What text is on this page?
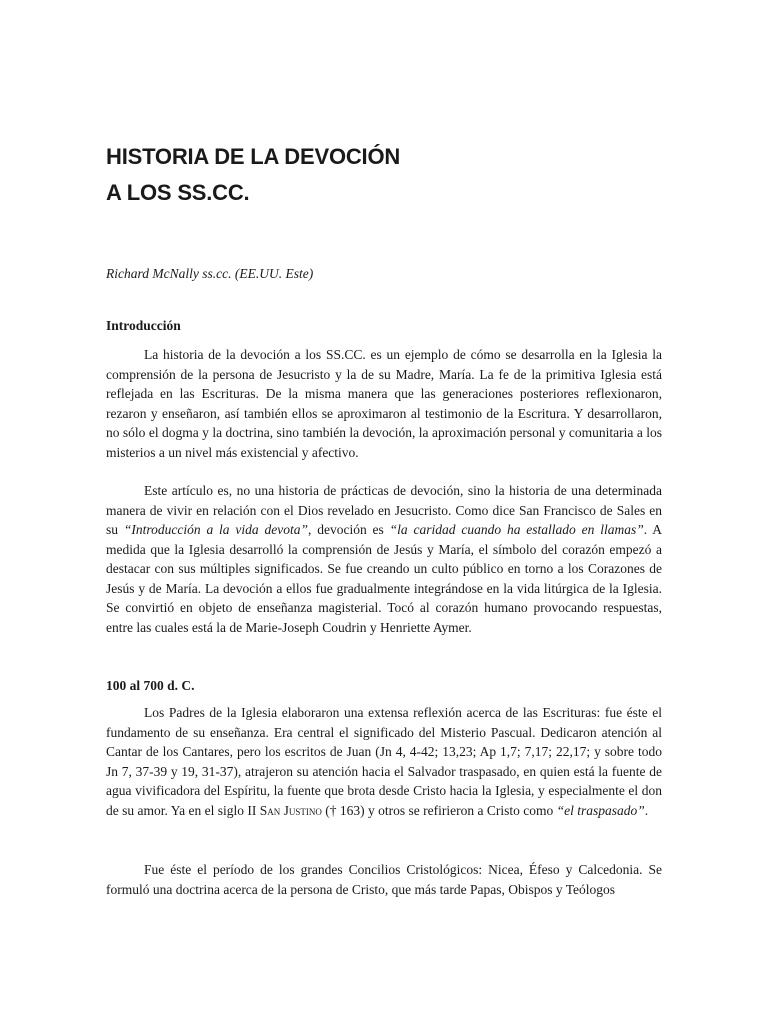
HISTORIA DE LA DEVOCIÓN
A LOS SS.CC.
Richard McNally ss.cc. (EE.UU. Este)
Introducción

La historia de la devoción a los SS.CC. es un ejemplo de cómo se desarrolla en la Iglesia la comprensión de la persona de Jesucristo y la de su Madre, María. La fe de la primitiva Iglesia está reflejada en las Escrituras. De la misma manera que las generaciones posteriores reflexionaron, rezaron y enseñaron, así también ellos se aproximaron al testimonio de la Escritura. Y desarrollaron, no sólo el dogma y la doctrina, sino también la devoción, la aproximación personal y comunitaria a los misterios a un nivel más existencial y afectivo.

Este artículo es, no una historia de prácticas de devoción, sino la historia de una determinada manera de vivir en relación con el Dios revelado en Jesucristo. Como dice San Francisco de Sales en su “Introducción a la vida devota”, devoción es “la caridad cuando ha estallado en llamas”. A medida que la Iglesia desarrolló la comprensión de Jesús y María, el símbolo del corazón empezó a destacar con sus múltiples significados. Se fue creando un culto público en torno a los Corazones de Jesús y de María. La devoción a ellos fue gradualmente integrándose en la vida litúrgica de la Iglesia. Se convirtió en objeto de enseñanza magisterial. Tocó al corazón humano provocando respuestas, entre las cuales está la de Marie-Joseph Coudrin y Henriette Aymer.

100 al 700 d. C.

Los Padres de la Iglesia elaboraron una extensa reflexión acerca de las Escrituras: fue éste el fundamento de su enseñanza. Era central el significado del Misterio Pascual. Dedicaron atención al Cantar de los Cantares, pero los escritos de Juan (Jn 4, 4-42; 13,23; Ap 1,7; 7,17; 22,17; y sobre todo Jn 7, 37-39 y 19, 31-37), atrajeron su atención hacia el Salvador traspasado, en quien está la fuente de agua vivificadora del Espíritu, la fuente que brota desde Cristo hacia la Iglesia, y especialmente el don de su amor. Ya en el siglo II San Justino († 163) y otros se refirieron a Cristo como “el traspasado”.

Fue éste el período de los grandes Concilios Cristológicos: Nicea, Éfeso y Calcedonia. Se formuló una doctrina acerca de la persona de Cristo, que más tarde Papas, Obispos y Teólogos
